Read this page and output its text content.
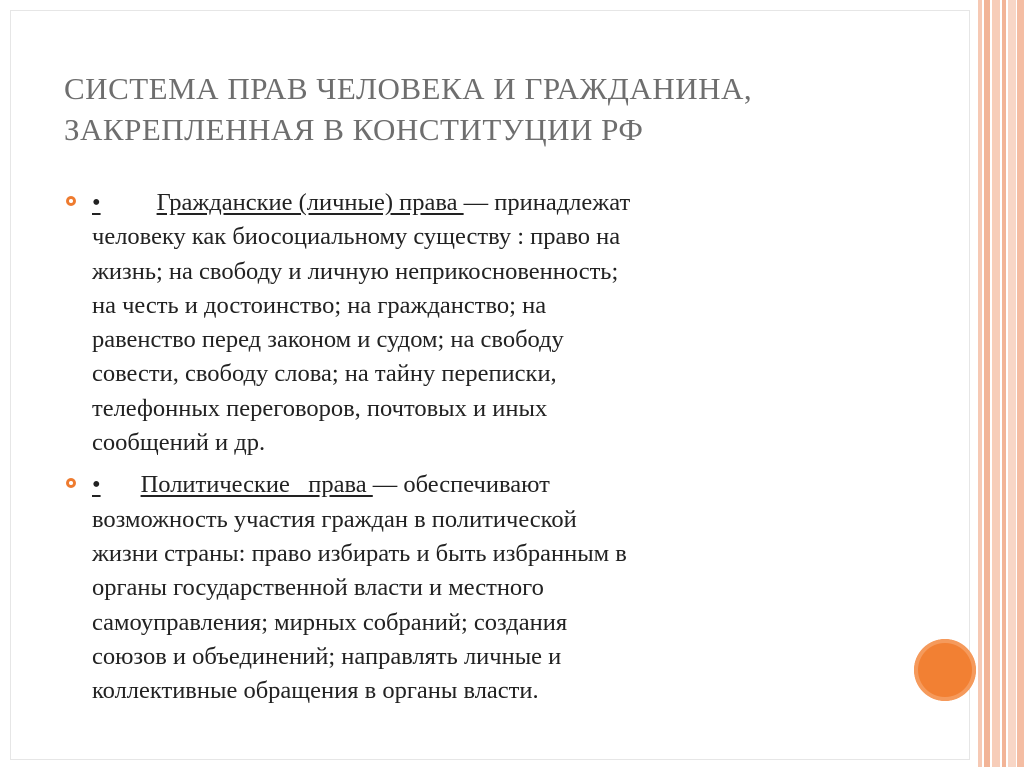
СИСТЕМА ПРАВ ЧЕЛОВЕКА И ГРАЖДАНИНА,
ЗАКРЕПЛЕННАЯ В КОНСТИТУЦИИ РФ
• Гражданские (личные) права — принадлежат
человеку как биосоциальному существу : право на
жизнь; на свободу и личную неприкосновенность;
на честь и достоинство; на гражданство; на
равенство перед законом и судом; на свободу
совести, свободу слова; на тайну переписки,
телефонных переговоров, почтовых и иных
сообщений и др.
• Политические   права — обеспечивают
возможность участия граждан в политической
жизни страны: право избирать и быть избранным в
органы государственной власти и местного
самоуправления; мирных собраний; создания
союзов и объединений; направлять личные и
коллективные обращения в органы власти.
